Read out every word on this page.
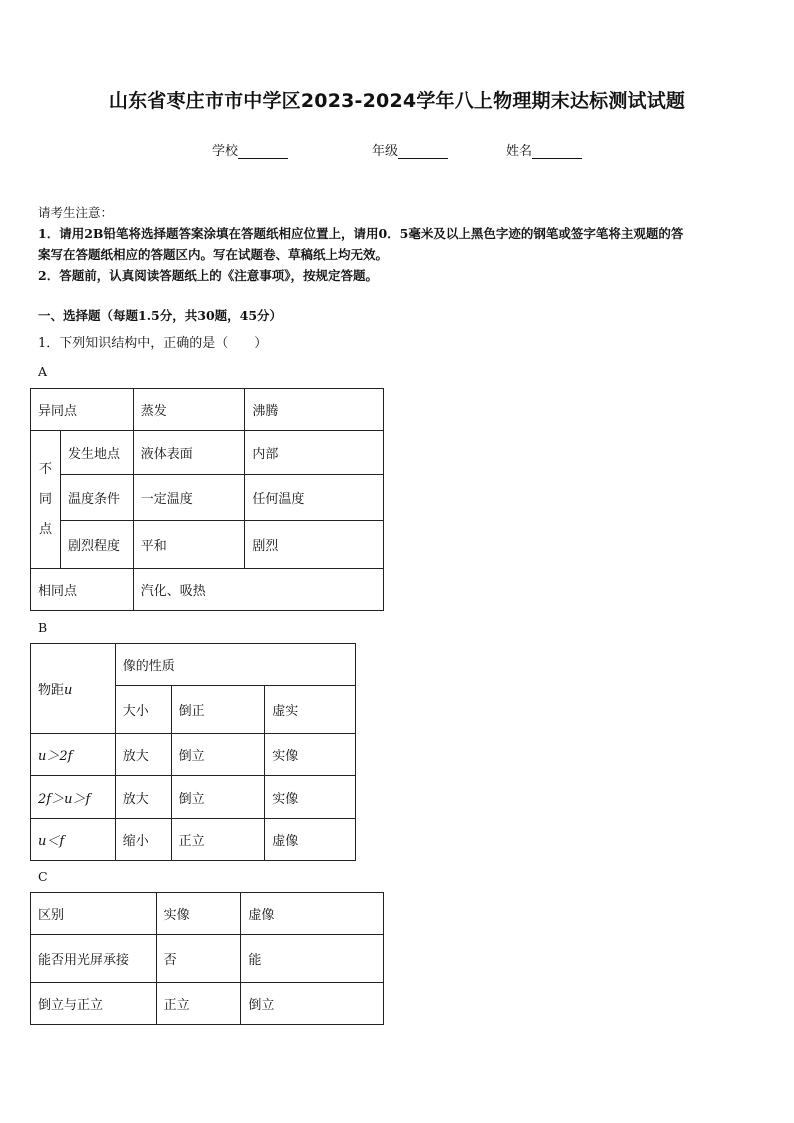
山东省枣庄市市中学区2023-2024学年八上物理期末达标测试试题
学校	年级	姓名
请考生注意：
1．请用2B铅笔将选择题答案涂填在答题纸相应位置上，请用0．5毫米及以上黑色字迹的钢笔或签字笔将主观题的答
案写在答题纸相应的答题区内。写在试题卷、草稿纸上均无效。
2．答题前，认真阅读答题纸上的《注意事项》，按规定答题。
一、选择题（每题1.5分，共30题，45分）
1．下列知识结构中，正确的是（　　）
A
异同点		蒸发	沸腾

不
同
点	发生地点	液体表面	内部
	温度条件	一定温度	任何温度
	剧烈程度	平和	剧烈
相同点		汽化、吸热	
B
物距u	像的性质		
	大小	倒正	虚实
u＞2f	放大	倒立	实像
2f＞u＞f	放大	倒立	实像
u＜f	缩小	正立	虚像
C
区别	实像	虚像
能否用光屏承接	否	能
倒立与正立	正立	倒立
